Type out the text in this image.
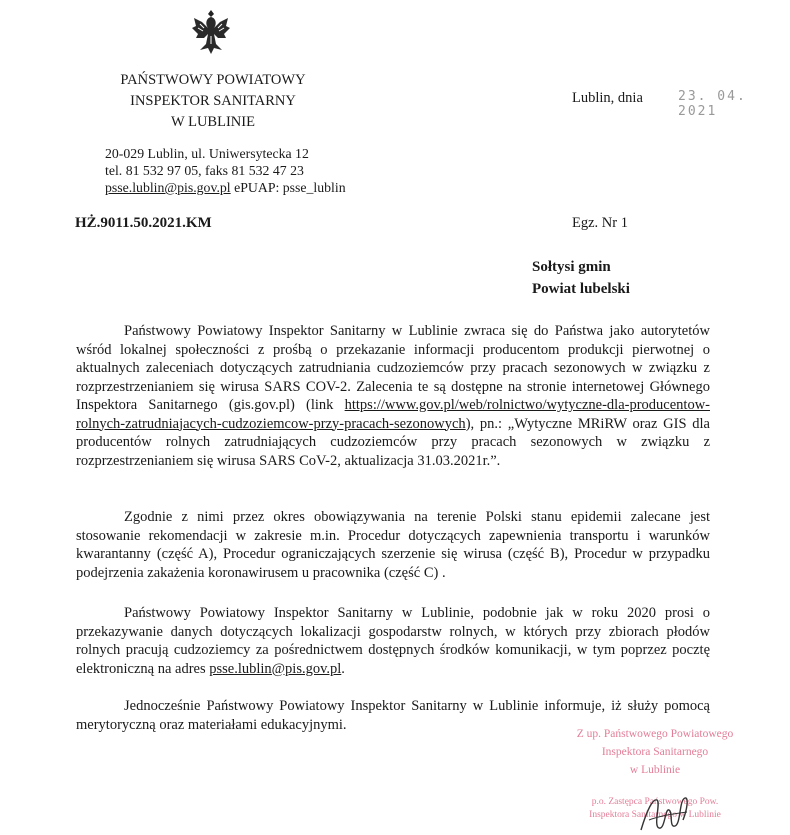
PAŃSTWOWY POWIATOWY
INSPEKTOR SANITARNY
W LUBLINIE
20-029 Lublin, ul. Uniwersytecka 12
tel. 81 532 97 05, faks 81 532 47 23
psse.lublin@pis.gov.pl ePUAP: psse_lublin
Lublin, dnia	23. 04. 2021
HŻ.9011.50.2021.KM	Egz. Nr 1
Sołtysi gmin
Powiat lubelski

Państwowy Powiatowy Inspektor Sanitarny w Lublinie zwraca się do Państwa jako autorytetów wśród lokalnej społeczności z prośbą o przekazanie informacji producentom produkcji pierwotnej o aktualnych zaleceniach dotyczących zatrudniania cudzoziemców przy pracach sezonowych w związku z rozprzestrzenianiem się wirusa SARS COV-2. Zalecenia te są dostępne na stronie internetowej Głównego Inspektora Sanitarnego (gis.gov.pl) (link https://www.gov.pl/web/rolnictwo/wytyczne-dla-producentow-rolnych-zatrudniajacych-cudzoziemcow-przy-pracach-sezonowych), pn.: „Wytyczne MRiRW oraz GIS dla producentów rolnych zatrudniających cudzoziemców przy pracach sezonowych w związku z rozprzestrzenianiem się wirusa SARS CoV-2, aktualizacja 31.03.2021r.”.

Zgodnie z nimi przez okres obowiązywania na terenie Polski stanu epidemii zalecane jest stosowanie rekomendacji w zakresie m.in. Procedur dotyczących zapewnienia transportu i warunków kwarantanny (część A), Procedur ograniczających szerzenie się wirusa (część B), Procedur w przypadku podejrzenia zakażenia koronawirusem u pracownika (część C) .

Państwowy Powiatowy Inspektor Sanitarny w Lublinie, podobnie jak w roku 2020 prosi o przekazywanie danych dotyczących lokalizacji gospodarstw rolnych, w których przy zbiorach płodów rolnych pracują cudzoziemcy za pośrednictwem dostępnych środków komunikacji, w tym poprzez pocztę elektroniczną na adres psse.lublin@pis.gov.pl.

Jednocześnie Państwowy Powiatowy Inspektor Sanitarny w Lublinie informuje, iż służy pomocą merytoryczną oraz materiałami edukacyjnymi.

Z up. Państwowego Powiatowego
Inspektora Sanitarnego
w Lublinie
p.o. Zastępca Państwowego Pow.
Inspektora Sanitarnego w Lublinie
